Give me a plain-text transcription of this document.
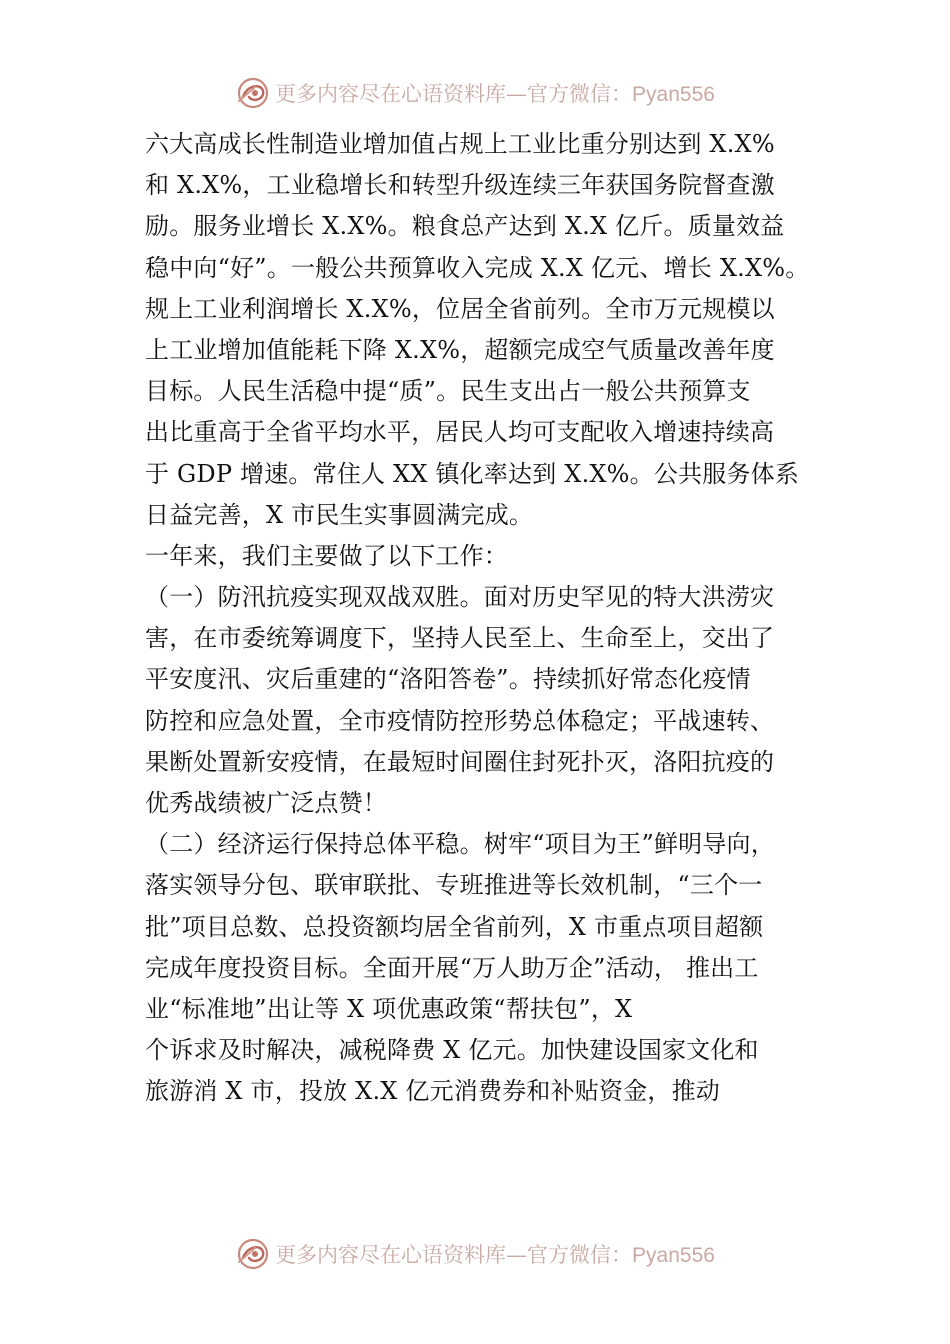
更多内容尽在心语资料库—官方微信：Pyan556
六大高成长性制造业增加值占规上工业比重分别达到 X.X%
和 X.X%，工业稳增长和转型升级连续三年获国务院督查激
励。服务业增长 X.X%。粮食总产达到 X.X 亿斤。质量效益
稳中向“好”。一般公共预算收入完成 X.X 亿元、增长 X.X%。
规上工业利润增长 X.X%，位居全省前列。全市万元规模以
上工业增加值能耗下降 X.X%，超额完成空气质量改善年度
目标。人民生活稳中提“质”。民生支出占一般公共预算支
出比重高于全省平均水平，居民人均可支配收入增速持续高
于 GDP 增速。常住人 XX 镇化率达到 X.X%。公共服务体系
日益完善，X 市民生实事圆满完成。
一年来，我们主要做了以下工作：
（一）防汛抗疫实现双战双胜。面对历史罕见的特大洪涝灾
害，在市委统筹调度下，坚持人民至上、生命至上，交出了
平安度汛、灾后重建的“洛阳答卷”。持续抓好常态化疫情
防控和应急处置，全市疫情防控形势总体稳定；平战速转、
果断处置新安疫情，在最短时间圈住封死扑灭，洛阳抗疫的
优秀战绩被广泛点赞！
（二）经济运行保持总体平稳。树牢“项目为王”鲜明导向，
落实领导分包、联审联批、专班推进等长效机制，“三个一
批”项目总数、总投资额均居全省前列，X 市重点项目超额
完成年度投资目标。全面开展“万人助万企”活动， 推出工
业“标准地”出让等 X 项优惠政策“帮扶包”，X
个诉求及时解决，减税降费 X 亿元。加快建设国家文化和
旅游消 X 市，投放 X.X 亿元消费券和补贴资金，推动
更多内容尽在心语资料库—官方微信：Pyan556
